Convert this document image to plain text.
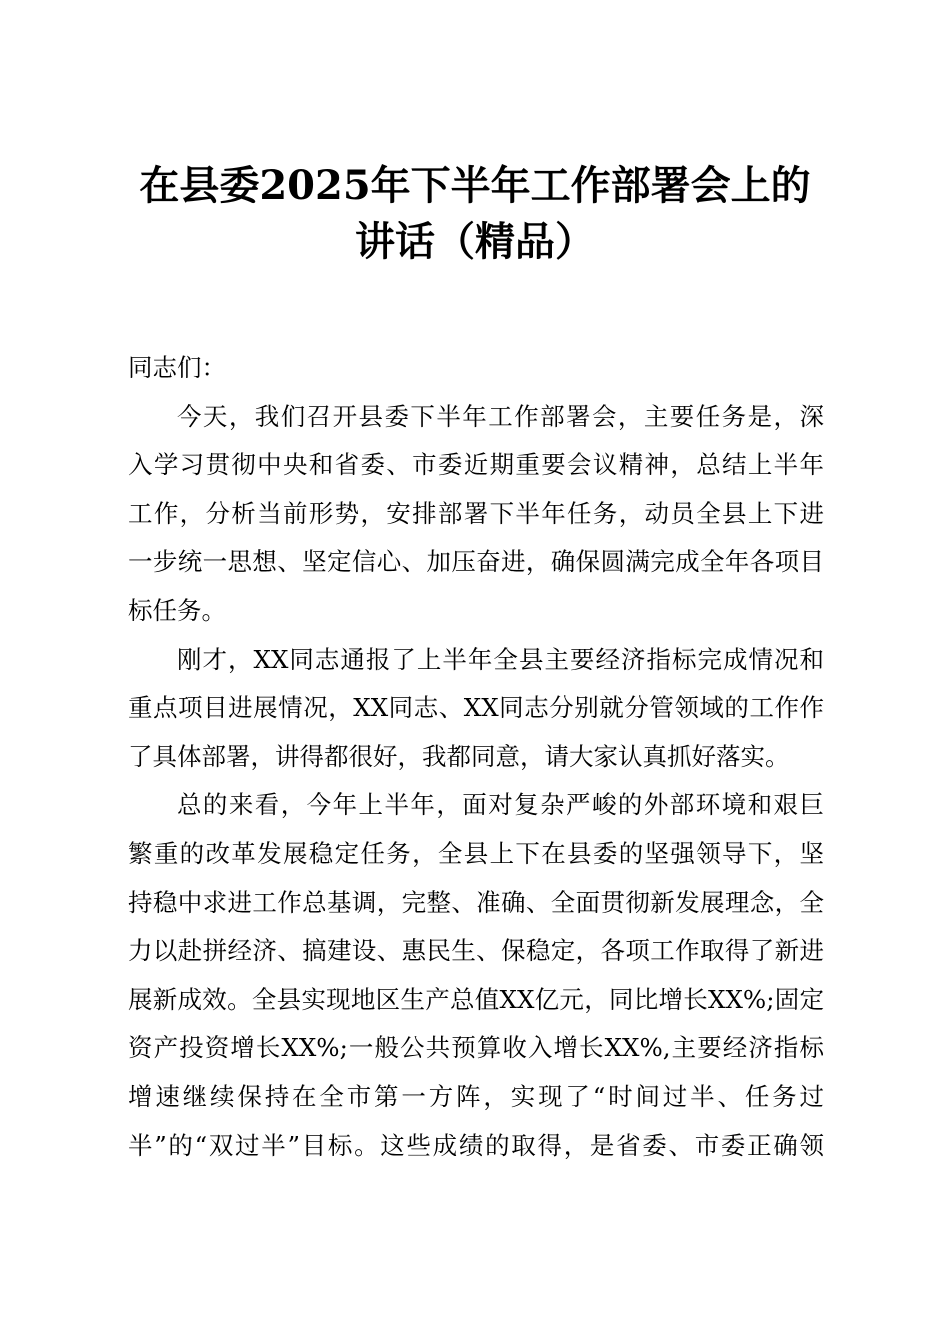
在县委2025年下半年工作部署会上的
讲话（精品）

同志们：

今天，我们召开县委下半年工作部署会，主要任务是，深
入学习贯彻中央和省委、市委近期重要会议精神，总结上半年
工作，分析当前形势，安排部署下半年任务，动员全县上下进
一步统一思想、坚定信心、加压奋进，确保圆满完成全年各项目
标任务。

刚才，XX同志通报了上半年全县主要经济指标完成情况和
重点项目进展情况，XX同志、XX同志分别就分管领域的工作作
了具体部署，讲得都很好，我都同意，请大家认真抓好落实。

总的来看，今年上半年，面对复杂严峻的外部环境和艰巨
繁重的改革发展稳定任务，全县上下在县委的坚强领导下，坚
持稳中求进工作总基调，完整、准确、全面贯彻新发展理念，全
力以赴拼经济、搞建设、惠民生、保稳定，各项工作取得了新进
展新成效。全县实现地区生产总值XX亿元，同比增长XX%;固定
资产投资增长XX%;一般公共预算收入增长XX%,主要经济指标
增速继续保持在全市第一方阵，实现了“时间过半、任务过
半”的“双过半”目标。这些成绩的取得，是省委、市委正确领
